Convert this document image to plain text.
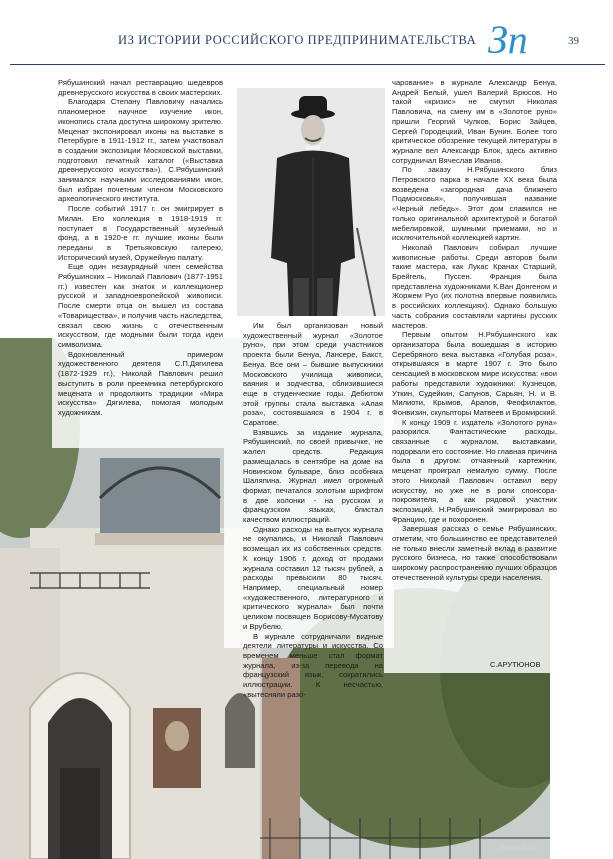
ИЗ ИСТОРИИ РОССИЙСКОГО ПРЕДПРИНИМАТЕЛЬСТВА Зп	39

Рябушинский начал реставрацию шедевров древнерусского искусства в своих мастерских.

Благодаря Степану Павловичу начались планомерное научное изучение икон, иконопись стала доступна широкому зрителю. Меценат экспонировал иконы на выставке в Петербурге в 1911-1912 гг., затем участвовал в создании экспозиции Московской выставки, подготовил печатный каталог («Выставка древнерусского искусства»). С.Рябушинский занимался научными исследованиями икон, был избран почетным членом Московского археологического института.

После событий 1917 г. он эмигрирует в Милан. Его коллекция в 1918-1919 гг. поступает в Государственный музейный фонд, а в 1920-е гг. лучшие иконы были переданы в Третьяковскую галерею, Исторический музей, Оружейную палату.

Еще один незаурядный член семейства Рябушинских – Николай Павлович (1877-1951 гг.) известен как знаток и коллекционер русской и западноевропейской живописи. После смерти отца он вышел из состава «Товарищества», и получив часть наследства, связал свою жизнь с отечественным искусством, где модными были тогда идеи символизма.

Вдохновленный примером художественного деятеля С.П.Дягилева (1872-1929 гг.), Николай Павлович решил выступить в роли преемника петербургского мецената и продолжить традиции «Мира искусства» Дягилева, помогая молодым художникам.

Им был организован новый художественный журнал «Золотое руно», при этом среди участников проекта были Бенуа, Лансере, Бакст, Бенуа. Все они – бывшие выпускники Московского училища живописи, ваяния и зодчества, сблизившиеся еще в студенческие годы. Дебютом этой группы стала выставка «Алая роза», состоявшаяся в 1904 г. в Саратове.

Взявшись за издание журнала, Рябушинский, по своей привычке, не жалел средств. Редакция размещалась в сентябре на доме на Новинском бульваре, близ особняка Шаляпина. Журнал имел огромный формат, печатался золотым шрифтом в две колонки - на русском и французском языках, блистал качеством иллюстраций.

Однако расходы на выпуск журнала не окупались, и Николай Павлович возмещал их из собственных средств. К концу 1906 г. доход от продажи журнала составил 12 тысяч рублей, а расходы превысили 80 тысяч. Например, специальный номер «художественного, литературного и критического журнала» был почти целиком посвящен Борисову-Мусатову и Врубелю.

В журнале сотрудничали видные деятели литературы и искусства. Со временем меньше стал формат журнала, из-за перевода на французский язык, сократились иллюстрации. К несчастью, «вытесняли разо-

чарование» в журнале Александр Бенуа, Андрей Белый, ушел Валерий Брюсов. Но такой «кризис» не смутил Николая Павловича, на смену им в «Золотое руно» пришли Георгий Чулков, Борис Зайцев, Сергей Городецкий, Иван Бунин. Более того критическое обозрение текущей литературы в журнале вел Александр Блок, здесь активно сотрудничал Вячеслав Иванов.

По заказу Н.Рябушинского близ Петровского парка в начале XX века была возведена «загородная дача ближнего Подмосковья», получившая название «Черный лебедь». Этот дом славился не только оригинальной архитектурой и богатой мебелировкой, шумными приемами, но и исключительной коллекцией картин.

Николай Павлович собирал лучшие живописные работы. Среди авторов были такие мастера, как Лукас Кранах Старший, Брейгель, Пуссен. Франция была представлена художниками К.Ван Донгеном и Жоржем Руо (их полотна впервые появились в российских коллекциях). Однако большую часть собрания составляли картины русских мастеров.

Первым опытом Н.Рябушинского как организатора была вошедшая в историю Серебряного века выставка «Голубая роза», открывшаяся в марте 1907 г. Это было сенсацией в московском мире искусства: «вои работы представили художники: Кузнецов, Уткин, Судейкин, Сапунов, Сарьян, Н. и В. Милиоти, Крымов, Арапов, Феофилактов, Фонвизин, скульпторы Матвеев и Бромирский.

К концу 1909 г. издатель «Золотого руна» разорился. Фантастические расходы, связанные с журналом, выставками, подорвали его состояние. Но главная причина была в другом: отчаянный картежник, меценат проиграл немалую сумму. После этого Николай Павлович оставил веру искусству, но уже не в роли спонсора-покровителя, а как рядовой участник экспозиций. Н.Рябушинский эмигрировал во Францию, где и похоронен.

Завершая рассказ о семье Рябушинских, отметим, что большинство ее представителей не только внесли заметный вклад в развитие русского бизнеса, но также способствовали широкому распространению лучших образцов отечественной культуры среди населения.

С.АРУТЮНОВ
liveinsk.ru
